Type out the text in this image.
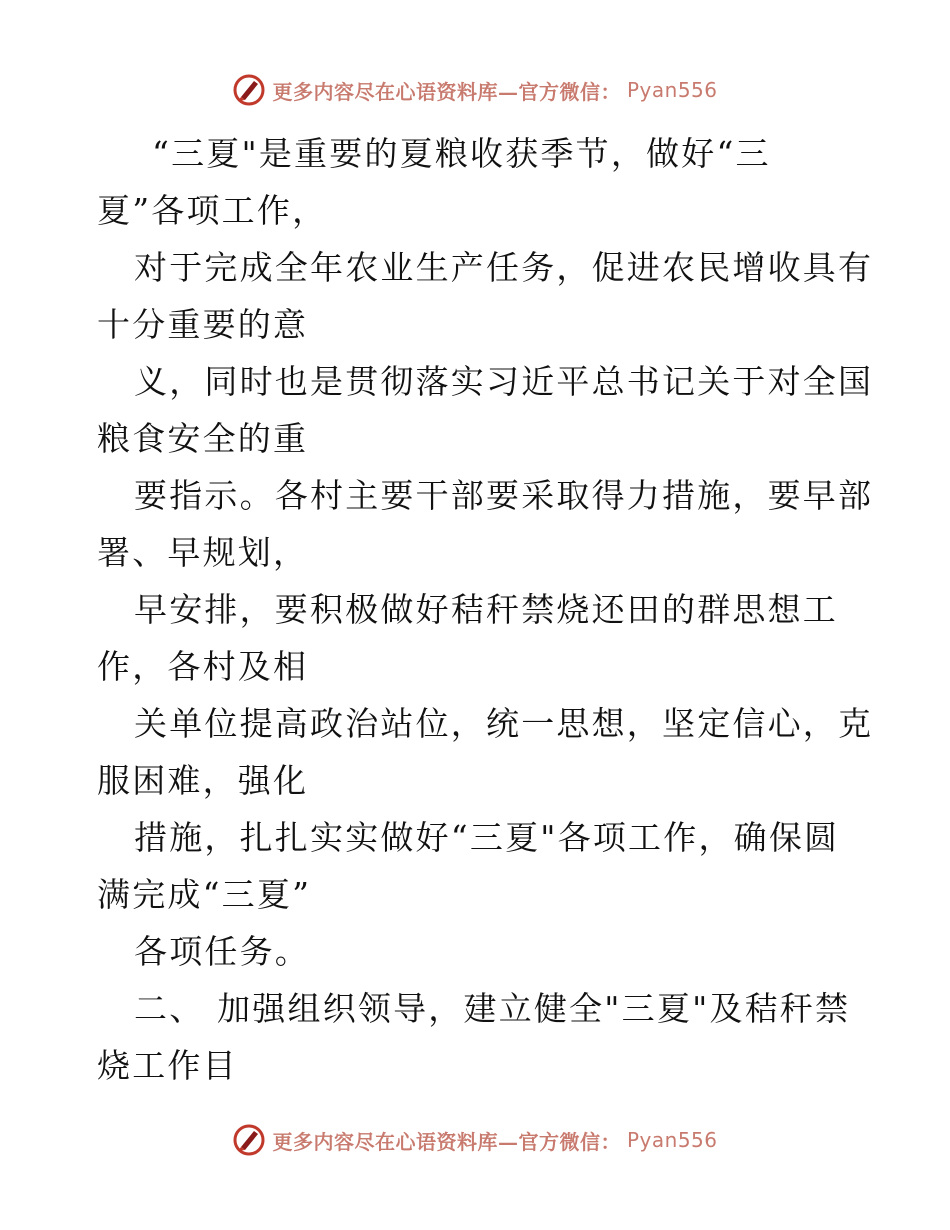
更多内容尽在心语资料库—官方微信： Pyan556
“三夏"是重要的夏粮收获季节，做好“三
夏”各项工作，
对于完成全年农业生产任务，促进农民增收具有
十分重要的意
义，同时也是贯彻落实习近平总书记关于对全国
粮食安全的重
要指示。各村主要干部要采取得力措施，要早部
署、早规划，
早安排，要积极做好秸秆禁烧还田的群思想工
作，各村及相
关单位提高政治站位，统一思想，坚定信心，克
服困难，强化
措施，扎扎实实做好“三夏"各项工作，确保圆
满完成“三夏”
各项任务。
二、 加强组织领导，建立健全"三夏"及秸秆禁
烧工作目
更多内容尽在心语资料库—官方微信： Pyan556
